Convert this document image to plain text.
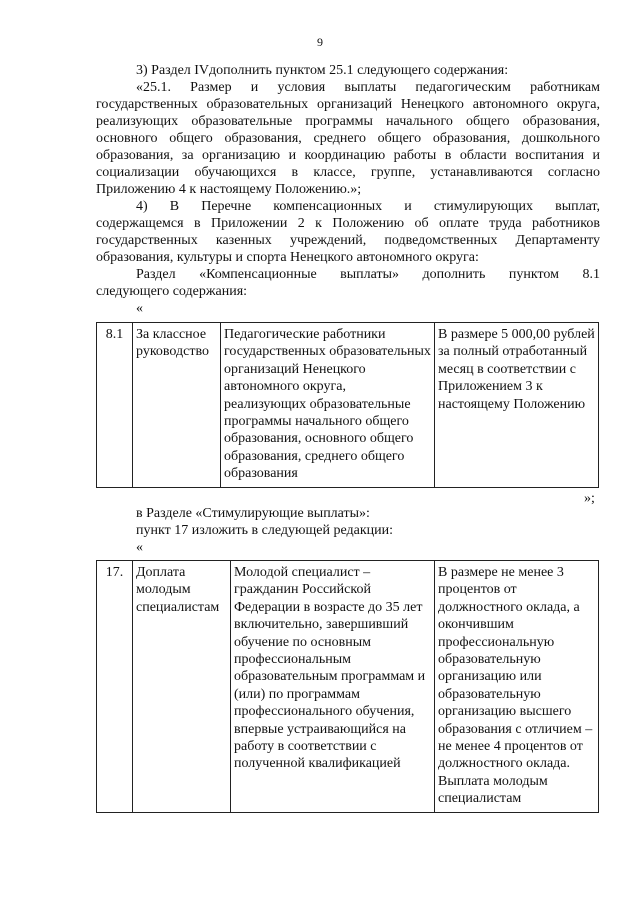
9

3) Раздел IVдополнить пунктом 25.1 следующего содержания:

«25.1. Размер и условия выплаты педагогическим работникам

государственных образовательных организаций Ненецкого автономного округа, реализующих образовательные программы начального общего образования, основного общего образования, среднего общего образования, дошкольного образования, за организацию и координацию работы в области воспитания и социализации обучающихся в классе, группе, устанавливаются согласно Приложению 4 к настоящему Положению.»;

4) В Перечне компенсационных и стимулирующих выплат,

содержащемся в Приложении 2 к Положению об оплате труда работников государственных казенных учреждений, подведомственных Департаменту образования, культуры и спорта Ненецкого автономного округа:

Раздел «Компенсационные выплаты» дополнить пунктом 8.1

следующего содержания:

«

8.1	За классное руководство	Педагогические работники государственных образовательных организаций Ненецкого автономного округа, реализующих образовательные программы начального общего образования, основного общего образования, среднего общего образования	В размере 5 000,00 рублей за полный отработанный месяц в соответствии с Приложением 3 к настоящему Положению
»;

в Разделе «Стимулирующие выплаты»:

пункт 17 изложить в следующей редакции:

«

17.	Доплата молодым специалистам	Молодой специалист – гражданин Российской Федерации в возрасте до 35 лет включительно, завершивший обучение по основным профессиональным образовательным программам и (или) по программам профессионального обучения, впервые устраивающийся на работу в соответствии с полученной квалификацией	В размере не менее 3 процентов от должностного оклада, а окончившим профессиональную образовательную организацию или образовательную организацию высшего образования с отличием – не менее 4 процентов от должностного оклада. Выплата молодым специалистам
